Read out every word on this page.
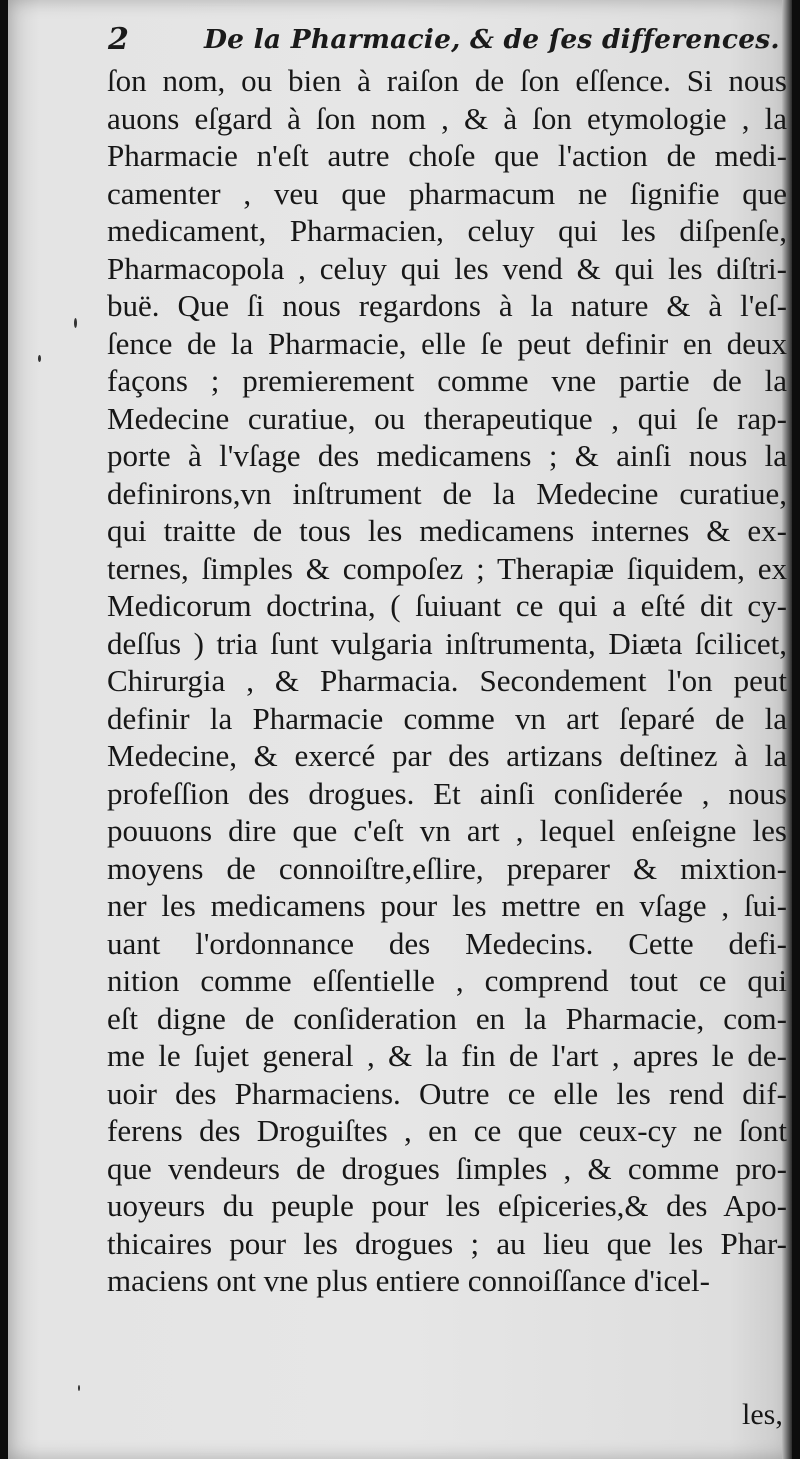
2	De la Pharmacie, & de ſes differences.
ſon nom, ou bien à raiſon de ſon eſſence. Si nous
auons eſgard à ſon nom , & à ſon etymologie , la
Pharmacie n'eſt autre choſe que l'action de medi-
camenter , veu que pharmacum ne ſignifie que
medicament, Pharmacien, celuy qui les diſpenſe,
Pharmacopola , celuy qui les vend & qui les diſtri-
buë. Que ſi nous regardons à la nature & à l'eſ-
ſence de la Pharmacie, elle ſe peut definir en deux
façons ; premierement comme vne partie de la
Medecine curatiue, ou therapeutique , qui ſe rap-
porte à l'vſage des medicamens ; & ainſi nous la
definirons,vn inſtrument de la Medecine curatiue,
qui traitte de tous les medicamens internes & ex-
ternes, ſimples & compoſez ; Therapiæ ſiquidem, ex
Medicorum doctrina, ( ſuiuant ce qui a eſté dit cy-
deſſus ) tria ſunt vulgaria inſtrumenta, Diæta ſcilicet,
Chirurgia , & Pharmacia. Secondement l'on peut
definir la Pharmacie comme vn art ſeparé de la
Medecine, & exercé par des artizans deſtinez à la
profeſſion des drogues. Et ainſi conſiderée , nous
pouuons dire que c'eſt vn art , lequel enſeigne les
moyens de connoiſtre,eſlire, preparer & mixtion-
ner les medicamens pour les mettre en vſage , ſui-
uant l'ordonnance des Medecins. Cette defi-
nition comme eſſentielle , comprend tout ce qui
eſt digne de conſideration en la Pharmacie, com-
me le ſujet general , & la fin de l'art , apres le de-
uoir des Pharmaciens. Outre ce elle les rend dif-
ferens des Droguiſtes , en ce que ceux-cy ne ſont
que vendeurs de drogues ſimples , & comme pro-
uoyeurs du peuple pour les eſpiceries,& des Apo-
thicaires pour les drogues ; au lieu que les Phar-
maciens ont vne plus entiere connoiſſance d'icel-
les,
